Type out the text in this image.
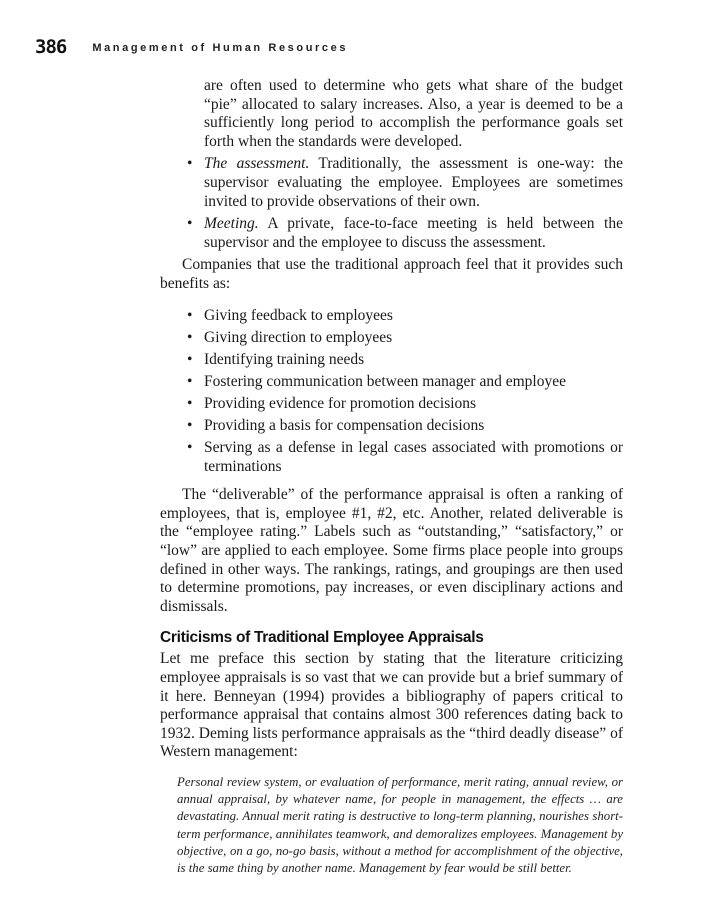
386 Management of Human Resources

are often used to determine who gets what share of the budget “pie” allocated to salary increases. Also, a year is deemed to be a sufficiently long period to accomplish the performance goals set forth when the standards were developed.

• The assessment. Traditionally, the assessment is one-way: the supervisor evaluating the employee. Employees are sometimes invited to provide observations of their own.
• Meeting. A private, face-to-face meeting is held between the supervisor and the employee to discuss the assessment.

Companies that use the traditional approach feel that it provides such benefits as:

• Giving feedback to employees
• Giving direction to employees
• Identifying training needs
• Fostering communication between manager and employee
• Providing evidence for promotion decisions
• Providing a basis for compensation decisions
• Serving as a defense in legal cases associated with promotions or terminations

The “deliverable” of the performance appraisal is often a ranking of employees, that is, employee #1, #2, etc. Another, related deliverable is the “employee rating.” Labels such as “outstanding,” “satisfactory,” or “low” are applied to each employee. Some firms place people into groups defined in other ways. The rankings, ratings, and groupings are then used to determine promotions, pay increases, or even disciplinary actions and dismissals.

Criticisms of Traditional Employee Appraisals

Let me preface this section by stating that the literature criticizing employee appraisals is so vast that we can provide but a brief summary of it here. Benneyan (1994) provides a bibliography of papers critical to performance appraisal that contains almost 300 references dating back to 1932. Deming lists performance appraisals as the “third deadly disease” of Western management:

Personal review system, or evaluation of performance, merit rating, annual review, or annual appraisal, by whatever name, for people in management, the effects … are devastating. Annual merit rating is destructive to long-term planning, nourishes short-term performance, annihilates teamwork, and demoralizes employees. Management by objective, on a go, no-go basis, without a method for accomplishment of the objective, is the same thing by another name. Management by fear would be still better.
